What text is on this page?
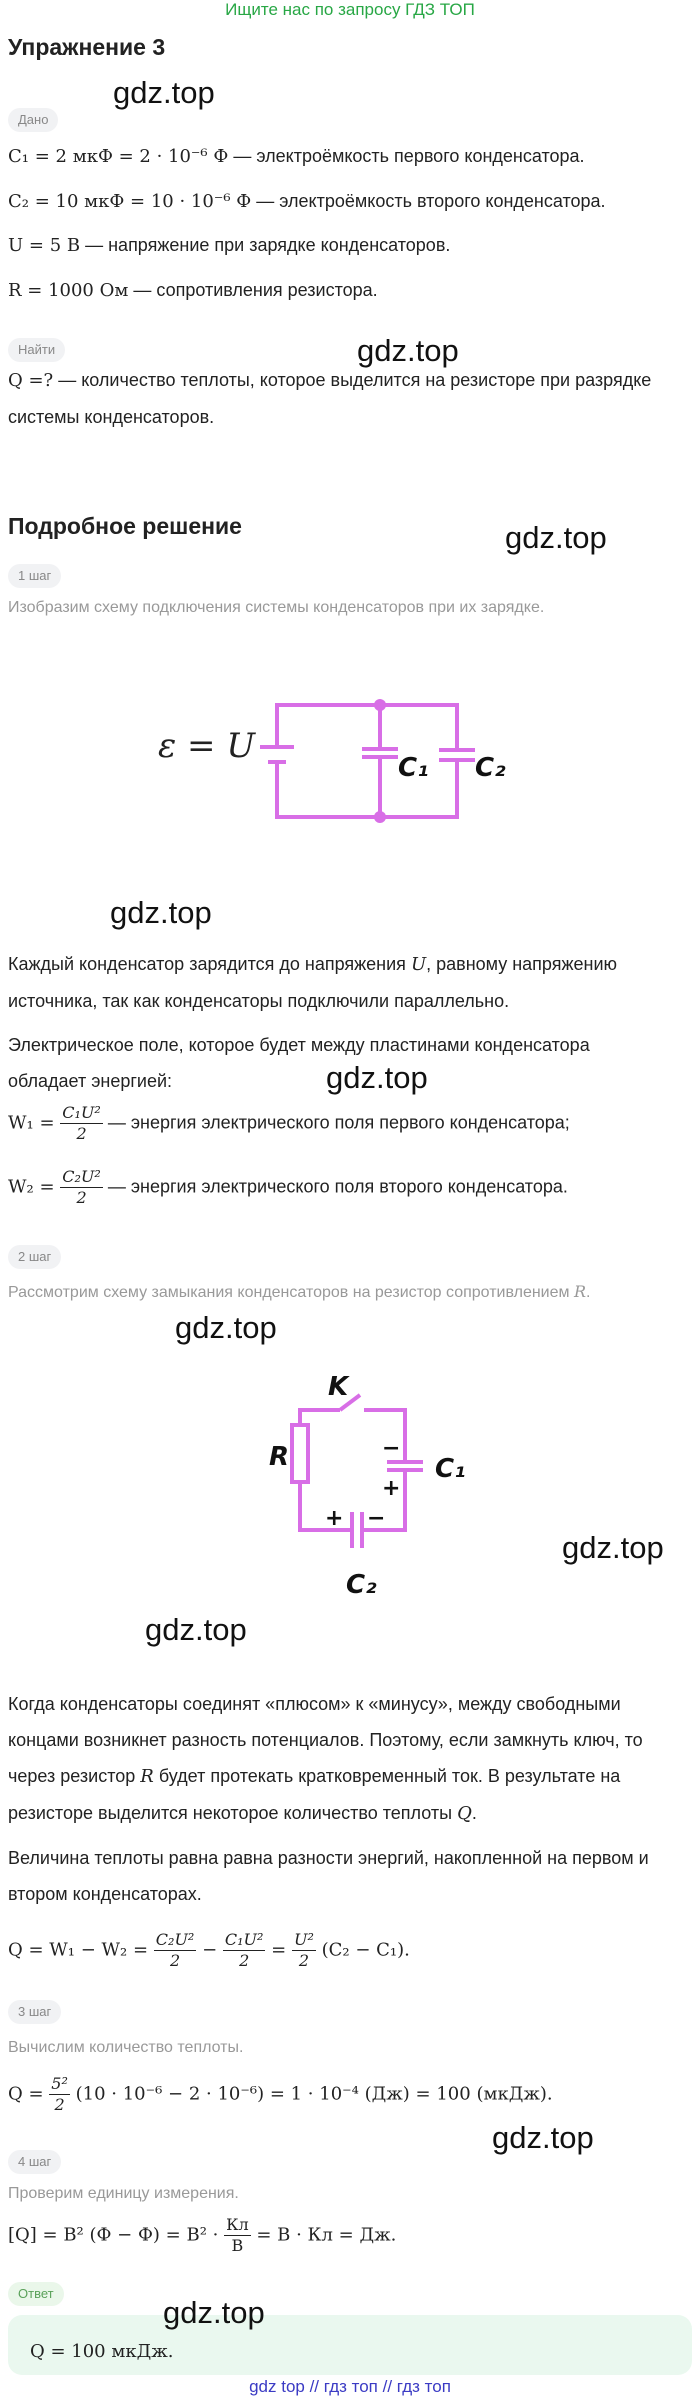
Ищите нас по запросу ГДЗ ТОП
Упражнение 3
gdz.top
Дано
C₁ = 2 мкФ = 2 · 10⁻⁶ Ф — электроёмкость первого конденсатора.
C₂ = 10 мкФ = 10 · 10⁻⁶ Ф — электроёмкость второго конденсатора.
U = 5 В — напряжение при зарядке конденсаторов.
R = 1000 Ом — сопротивления резистора.
gdz.top
Найти
Q =? — количество теплоты, которое выделится на резисторе при разрядке системы конденсаторов.
Подробное решение	gdz.top
1 шаг
Изобразим схему подключения системы конденсаторов при их зарядке.
ε = U
C₁ C₂
gdz.top
Каждый конденсатор зарядится до напряжения U, равному напряжению источника, так как конденсаторы подключили параллельно.
Электрическое поле, которое будет между пластинами конденсатора обладает энергией:	gdz.top
$W_1 = \frac{\text{C₁U²}}{2}$ — энергия электрического поля первого конденсатора;
$W_2 = \frac{\text{C₂U²}}{2}$ — энергия электрического поля второго конденсатора.
2 шаг
Рассмотрим схему замыкания конденсаторов на резистор сопротивлением R.
gdz.top
K
R	C₁
C₂
−
+
+ −
gdz.top
gdz.top
Когда конденсаторы соединят «плюсом» к «минусу», между свободными концами возникнет разность потенциалов. Поэтому, если замкнуть ключ, то через резистор R будет протекать кратковременный ток. В результате на резисторе выделится некоторое количество теплоты Q.
Величина теплоты равна равна разности энергий, накопленной на первом и втором конденсаторах.
$Q = W_1 - W_2 = \frac{\text{C₂U²}}{2} - \frac{\text{C₁U²}}{2} = \frac{\text{U²}}{2} (C_2 - C_1)$.
3 шаг
Вычислим количество теплоты.
$Q = \frac{\text{5²}}{2} (10 \cdot 10^{-6} - 2 \cdot 10^{-6}) = 1 \cdot 10^{-4}$ (Дж) = 100 (мкДж).
gdz.top
4 шаг
Проверим единицу измерения.
[Q] = В² $(Ф - Ф) = В^2 \cdot \frac{Кл}{В} = В$ · Кл = Дж.
Ответ
gdz.top
Q = 100 мкДж.
gdz top // гдз топ // гдз топ
